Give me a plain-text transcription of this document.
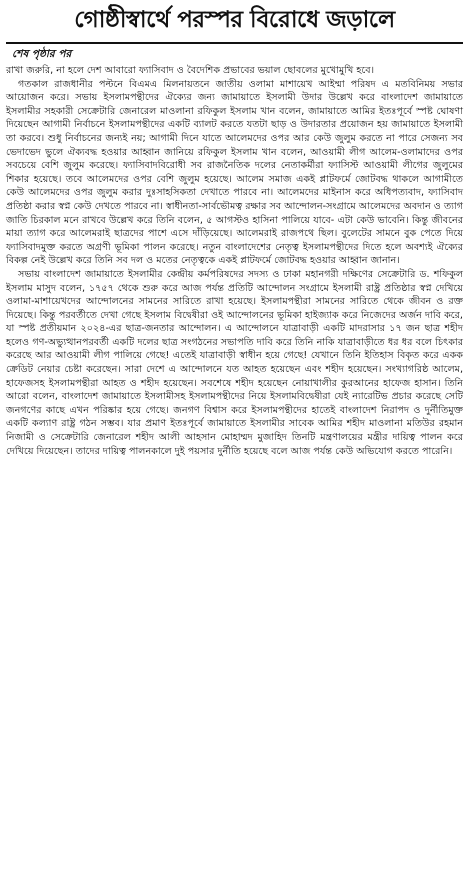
গোষ্ঠীস্বার্থে পরস্পর বিরোধে জড়ালে
শেষ পৃষ্ঠার পর

রাখা জরুরি, না হলে দেশ আবারো ফ্যাসিবাদ ও বৈদেশিক প্রভাবের ভয়াল ছোবলের মুখোমুখি হবে।

গতকাল রাজধানীর পল্টনে বিএমএ মিলনায়তনে জাতীয় ওলামা মাশায়েখ আইম্মা পরিষদ এ মতবিনিময় সভার আয়োজন করে। সভায় ইসলামপন্থীদের ঐক্যের জন্য জামায়াতে ইসলামী উদার উল্লেখ করে বাংলাদেশ জামায়াতে ইসলামীর সহকারী সেক্রেটারি জেনারেল মাওলানা রফিকুল ইসলাম খান বলেন, জামায়াতে আমির ইতঃপূর্বে স্পষ্ট ঘোষণা দিয়েছেন আগামী নির্বাচনে ইসলামপন্থীদের একটি ব্যালট করতে যতটা ছাড় ও উদারতার প্রয়োজন হয় জামায়াতে ইসলামী তা করবে। শুধু নির্বাচনের জন্যই নয়; আগামী দিনে যাতে আলেমদের ওপর আর কেউ জুলুম করতে না পারে সেজন্য সব ভেদাভেদ ভুলে ঐক্যবদ্ধ হওয়ার আহ্বান জানিয়ে রফিকুল ইসলাম খান বলেন, আওয়ামী লীগ আলেম-ওলামাদের ওপর সবচেয়ে বেশি জুলুম করেছে। ফ্যাসিবাদবিরোধী সব রাজনৈতিক দলের নেতাকর্মীরা ফ্যাসিস্ট আওয়ামী লীগের জুলুমের শিকার হয়েছে। তবে আলেমদের ওপর বেশি জুলুম হয়েছে। আলেম সমাজ একই প্লাটফর্মে জোটবদ্ধ থাকলে আগামীতে কেউ আলেমদের ওপর জুলুম করার দুঃসাহসিকতা দেখাতে পারবে না। আলেমদের মাইনাস করে অধিপত্যবাদ, ফ্যাসিবাদ প্রতিষ্ঠা করার স্বপ্ন কেউ দেখতে পারবে না। স্বাধীনতা-সার্বভৌমত্ব রক্ষার সব আন্দোলন-সংগ্রামে আলেমদের অবদান ও ত্যাগ জাতি চিরকাল মনে রাখবে উল্লেখ করে তিনি বলেন, ৫ আগস্টও হাসিনা পালিয়ে যাবে- এটা কেউ ভাবেনি। কিন্তু জীবনের মায়া ত্যাগ করে আলেমরাই ছাত্রদের পাশে এসে দাঁড়িয়েছে। আলেমরাই রাজপথে ছিল। বুলেটের সামনে বুক পেতে দিয়ে ফ্যাসিবাদমুক্ত করতে অগ্রণী ভূমিকা পালন করেছে। নতুন বাংলাদেশের নেতৃত্ব ইসলামপন্থীদের দিতে হলে অবশ্যই ঐক্যের বিকল্প নেই উল্লেখ করে তিনি সব দল ও মতের নেতৃত্বকে একই প্লাটফর্মে জোটবদ্ধ হওয়ার আহ্বান জানান।

সভায় বাংলাদেশ জামায়াতে ইসলামীর কেন্দ্রীয় কর্মপরিষদের সদস্য ও ঢাকা মহানগরী দক্ষিণের সেক্রেটারি ড. শফিকুল ইসলাম মাসুদ বলেন, ১৭৫৭ থেকে শুরু করে আজ পর্যন্ত প্রতিটি আন্দোলন সংগ্রামে ইসলামী রাষ্ট্র প্রতিষ্ঠার স্বপ্ন দেখিয়ে ওলামা-মাশায়েখদের আন্দোলনের সামনের সারিতে রাখা হয়েছে। ইসলামপন্থীরা সামনের সারিতে থেকে জীবন ও রক্ত দিয়েছে। কিন্তু পরবর্তীতে দেখা গেছে ইসলাম বিদ্বেষীরা ওই আন্দোলনের ভূমিকা হাইজ্যাক করে নিজেদের অর্জন দাবি করে, যা স্পষ্ট প্রতীয়মান ২০২৪-এর ছাত্র-জনতার আন্দোলন। এ আন্দোলনে যাত্রাবাড়ী একটি মাদরাসার ১৭ জন ছাত্র শহীদ হলেও গণ-অভ্যুত্থানপরবর্তী একটি দলের ছাত্র সংগঠনের সভাপতি দাবি করে তিনি নাকি যাত্রাবাড়ীতে ধর ধর বলে চিৎকার করেছে আর আওয়ামী লীগ পালিয়ে গেছে! এতেই যাত্রাবাড়ী স্বাধীন হয়ে গেছে! যেখানে তিনি ইতিহাস বিকৃত করে একক ক্রেডিট নেয়ার চেষ্টা করেছেন। সারা দেশে এ আন্দোলনে যত আহত হয়েছেন এবং শহীদ হয়েছেন। সংখ্যাগরিষ্ঠ আলেম, হাফেজসহ ইসলামপন্থীরা আহত ও শহীদ হয়েছেন। সবশেষে শহীদ হয়েছেন নোয়াখালীর কুরআনের হাফেজ হাসান। তিনি আরো বলেন, বাংলাদেশ জামায়াতে ইসলামীসহ ইসলামপন্থীদের নিয়ে ইসলামবিদ্বেষীরা যেই ন্যারেটিভ প্রচার করেছে সেটি জনগণের কাছে এখন পরিষ্কার হয়ে গেছে। জনগণ বিশ্বাস করে ইসলামপন্থীদের হাতেই বাংলাদেশ নিরাপদ ও দুর্নীতিমুক্ত একটি কল্যাণ রাষ্ট্র গঠন সম্ভব। যার প্রমাণ ইতঃপূর্বে জামায়াতে ইসলামীর সাবেক আমির শহীদ মাওলানা মতিউর রহমান নিজামী ও সেক্রেটারি জেনারেল শহীদ আলী আহসান মোহাম্মদ মুজাহিদ তিনটি মন্ত্রণালয়ের মন্ত্রীর দায়িত্ব পালন করে দেখিয়ে দিয়েছেন। তাদের দায়িত্ব পালনকালে দুই পয়সার দুর্নীতি হয়েছে বলে আজ পর্যন্ত কেউ অভিযোগ করতে পারেনি।
